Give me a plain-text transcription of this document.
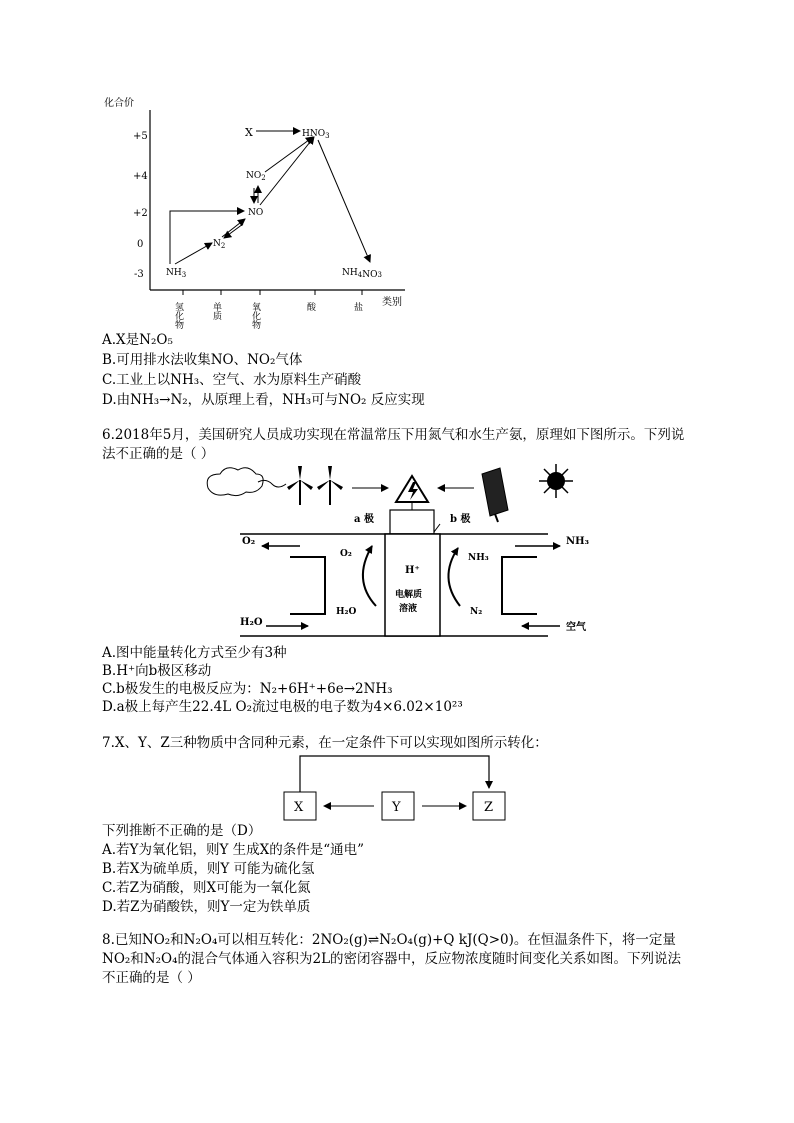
化合价
类别
+5
+4
+2
0
-3
氢化物	单质	氧化物	酸	盐
X	$HNO_3$
$NO_2$
NO
$N_2$
$NH_3$	$NH_4NO3$
A.X是N₂O₅
B.可用排水法收集NO、NO₂气体
C.工业上以NH₃、空气、水为原料生产硝酸
D.由NH₃→N₂，从原理上看，NH₃可与NO₂ 反应实现
6.2018年5月，美国研究人员成功实现在常温常压下用氮气和水生产氨，原理如下图所示。下列说法不正确的是（ ）
a 极	b 极
H⁺
电解质
溶液
O₂	NH₃
H₂O	空气
O₂
H₂O
NH₃
N₂
A.图中能量转化方式至少有3种
B.H⁺向b极区移动
C.b极发生的电极反应为：N₂+6H⁺+6e→2NH₃
D.a极上每产生22.4L O₂流过电极的电子数为4×6.02×10²³
7.X、Y、Z三种物质中含同种元素，在一定条件下可以实现如图所示转化：
X	Y	Z
下列推断不正确的是（D）
A.若Y为氧化铝，则Y 生成X的条件是“通电”
B.若X为硫单质，则Y 可能为硫化氢
C.若Z为硝酸，则X可能为一氧化氮
D.若Z为硝酸铁，则Y一定为铁单质
8.已知NO₂和N₂O₄可以相互转化：2NO₂(g)⇌N₂O₄(g)+Q kJ(Q>0)。在恒温条件下，将一定量NO₂和N₂O₄的混合气体通入容积为2L的密闭容器中，反应物浓度随时间变化关系如图。下列说法不正确的是（ ）
